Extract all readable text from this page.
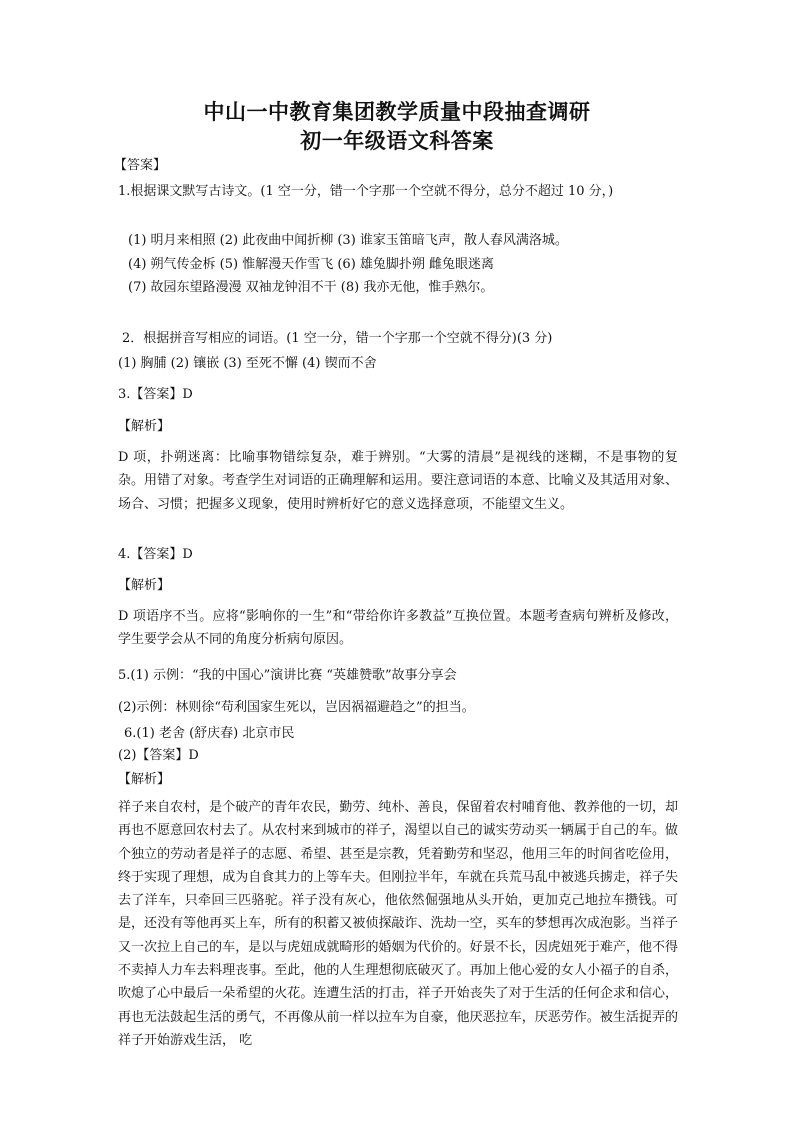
中山一中教育集团教学质量中段抽查调研
初一年级语文科答案

【答案】

1.根据课文默写古诗文。(1 空一分，错一个字那一个空就不得分，总分不超过 10 分，)

(1) 明月来相照 (2) 此夜曲中闻折柳 (3) 谁家玉笛暗飞声，散人春风满洛城。

(4) 朔气传金柝 (5) 惟解漫天作雪飞 (6) 雄兔脚扑朔 雌兔眼迷离

(7) 故园东望路漫漫 双袖龙钟泪不干 (8) 我亦无他，惟手熟尔。

2．根据拼音写相应的词语。(1 空一分，错一个字那一个空就不得分)(3 分)

(1) 胸脯 (2) 镶嵌 (3) 至死不懈 (4) 锲而不舍

3.【答案】D

【解析】

D 项，扑朔迷离：比喻事物错综复杂，难于辨别。“大雾的清晨”是视线的迷糊，不是事物的复杂。用错了对象。考查学生对词语的正确理解和运用。要注意词语的本意、比喻义及其适用对象、场合、习惯；把握多义现象，使用时辨析好它的意义选择意项，不能望文生义。

4.【答案】D

【解析】

D 项语序不当。应将“影响你的一生”和“带给你许多教益”互换位置。本题考查病句辨析及修改，学生要学会从不同的角度分析病句原因。

5.(1) 示例：“我的中国心”演讲比赛 “英雄赞歌”故事分享会

(2)示例：林则徐“苟利国家生死以，岂因祸福避趋之”的担当。

6.(1) 老舍 (舒庆春) 北京市民

(2)【答案】D

【解析】

祥子来自农村，是个破产的青年农民，勤劳、纯朴、善良，保留着农村哺育他、教养他的一切，却再也不愿意回农村去了。从农村来到城市的祥子，渴望以自己的诚实劳动买一辆属于自己的车。做个独立的劳动者是祥子的志愿、希望、甚至是宗教，凭着勤劳和坚忍，他用三年的时间省吃俭用，终于实现了理想，成为自食其力的上等车夫。但刚拉半年，车就在兵荒马乱中被逃兵掳走，祥子失去了洋车，只牵回三匹骆驼。祥子没有灰心，他依然倔强地从头开始，更加克己地拉车攒钱。可是，还没有等他再买上车，所有的积蓄又被侦探敲诈、洗劫一空，买车的梦想再次成泡影。当祥子又一次拉上自己的车，是以与虎妞成就畸形的婚姻为代价的。好景不长，因虎妞死于难产，他不得不卖掉人力车去料理丧事。至此，他的人生理想彻底破灭了。再加上他心爱的女人小福子的自杀，吹熄了心中最后一朵希望的火花。连遭生活的打击，祥子开始丧失了对于生活的任何企求和信心，再也无法鼓起生活的勇气，不再像从前一样以拉车为自豪，他厌恶拉车，厌恶劳作。被生活捉弄的祥子开始游戏生活， 吃
